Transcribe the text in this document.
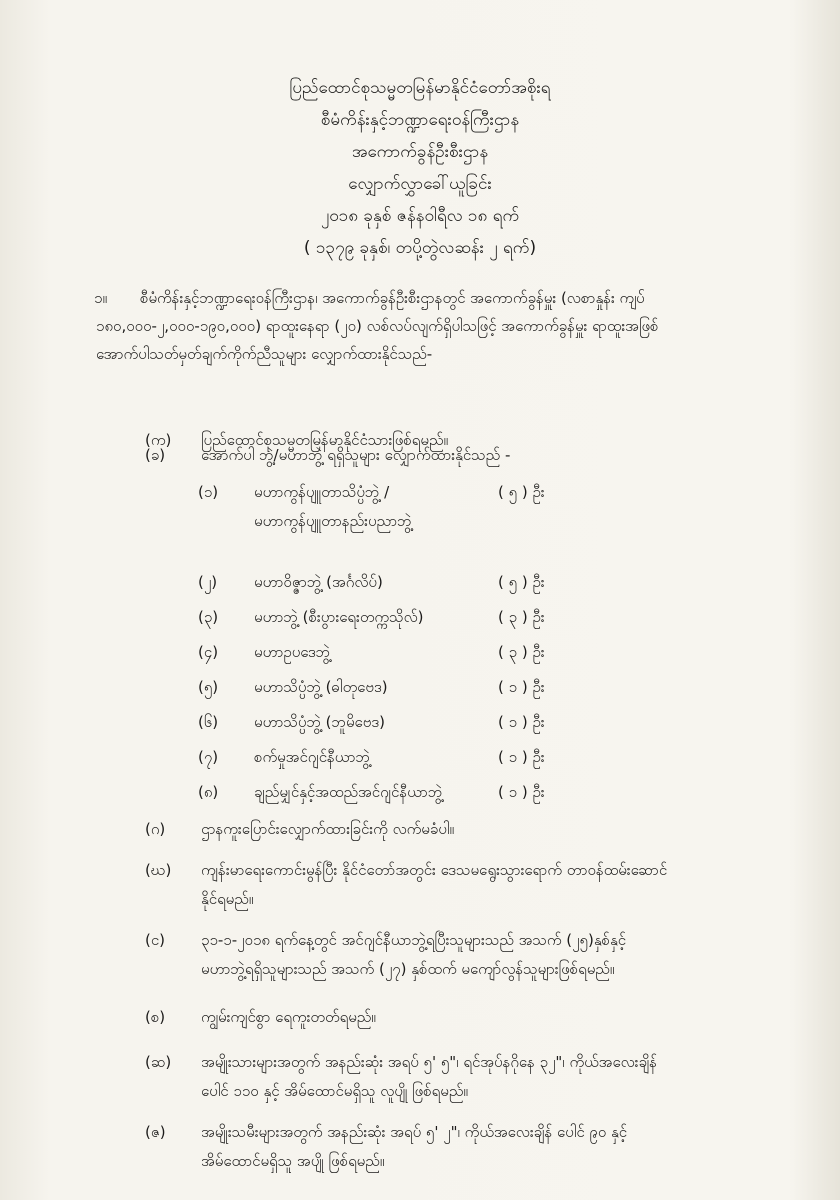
ပြည်ထောင်စုသမ္မတမြန်မာနိုင်ငံတော်အစိုးရ
စီမံကိန်းနှင့်ဘဏ္ဍာရေးဝန်ကြီးဌာန
အကောက်ခွန်ဦးစီးဌာန
လျှောက်လွှာခေါ်ယူခြင်း
၂၀၁၈ ခုနှစ် ဇန်နဝါရီလ ၁၈ ရက်
( ၁၃၇၉ ခုနှစ်၊ တပို့တွဲလဆန်း ၂ ရက်)
၁။	စီမံကိန်းနှင့်ဘဏ္ဍာရေးဝန်ကြီးဌာန၊ အကောက်ခွန်ဦးစီးဌာနတွင် အကောက်ခွန်မှူး (လစာနှုန်း ကျပ်
၁၈၀,၀၀၀-၂,၀၀၀-၁၉၀,၀၀၀) ရာထူးနေရာ (၂၀) လစ်လပ်လျက်ရှိပါသဖြင့် အကောက်ခွန်မှူး ရာထူးအဖြစ်
အောက်ပါသတ်မှတ်ချက်ကိုက်ညီသူများ လျှောက်ထားနိုင်သည်-
(က) ပြည်ထောင်စုသမ္မတမြန်မာနိုင်ငံသားဖြစ်ရမည်။
(ခ) အောက်ပါ ဘွဲ့/မဟာဘွဲ့ ရရှိသူများ လျှောက်ထားနိုင်သည် -
(၁) မဟာကွန်ပျူတာသိပ္ပံဘွဲ့ /
မဟာကွန်ပျူတာနည်းပညာဘွဲ့
( ၅ ) ဦး
(၂) မဟာဝိဇ္ဇာဘွဲ့ (အင်္ဂလိပ်)	( ၅ ) ဦး
(၃) မဟာဘွဲ့ (စီးပွားရေးတက္ကသိုလ်)	( ၃ ) ဦး
(၄) မဟာဥပဒေဘွဲ့	( ၃ ) ဦး
(၅) မဟာသိပ္ပံဘွဲ့ (ဓါတုဗေဒ)	( ၁ ) ဦး
(၆) မဟာသိပ္ပံဘွဲ့ (ဘူမိဗေဒ)	( ၁ ) ဦး
(၇) စက်မှုအင်ဂျင်နီယာဘွဲ့	( ၁ ) ဦး
(၈) ချည်မျှင်နှင့်အထည်အင်ဂျင်နီယာဘွဲ့	( ၁ ) ဦး
(ဂ) ဌာနကူးပြောင်းလျှောက်ထားခြင်းကို လက်မခံပါ။
(ဃ) ကျန်းမာရေးကောင်းမွန်ပြီး နိုင်ငံတော်အတွင်း ဒေသမရွေးသွားရောက် တာဝန်ထမ်းဆောင်
နိုင်ရမည်။
(င) ၃၁-၁-၂၀၁၈ ရက်နေ့တွင် အင်ဂျင်နီယာဘွဲ့ရပြီးသူများသည် အသက် (၂၅)နှစ်နှင့်
မဟာဘွဲ့ရရှိသူများသည် အသက် (၂၇) နှစ်ထက် မကျော်လွန်သူများဖြစ်ရမည်။
(စ) ကျွမ်းကျင်စွာ ရေကူးတတ်ရမည်။
(ဆ) အမျိုးသားများအတွက် အနည်းဆုံး အရပ် ၅' ၅"၊ ရင်အုပ်နဂိုနေ ၃၂"၊ ကိုယ်အလေးချိန်
ပေါင် ၁၁၀ နှင့် အိမ်ထောင်မရှိသူ လူပျို ဖြစ်ရမည်။
(ဇ) အမျိုးသမီးများအတွက် အနည်းဆုံး အရပ် ၅' ၂"၊ ကိုယ်အလေးချိန် ပေါင် ၉၀ နှင့်
အိမ်ထောင်မရှိသူ အပျို ဖြစ်ရမည်။
